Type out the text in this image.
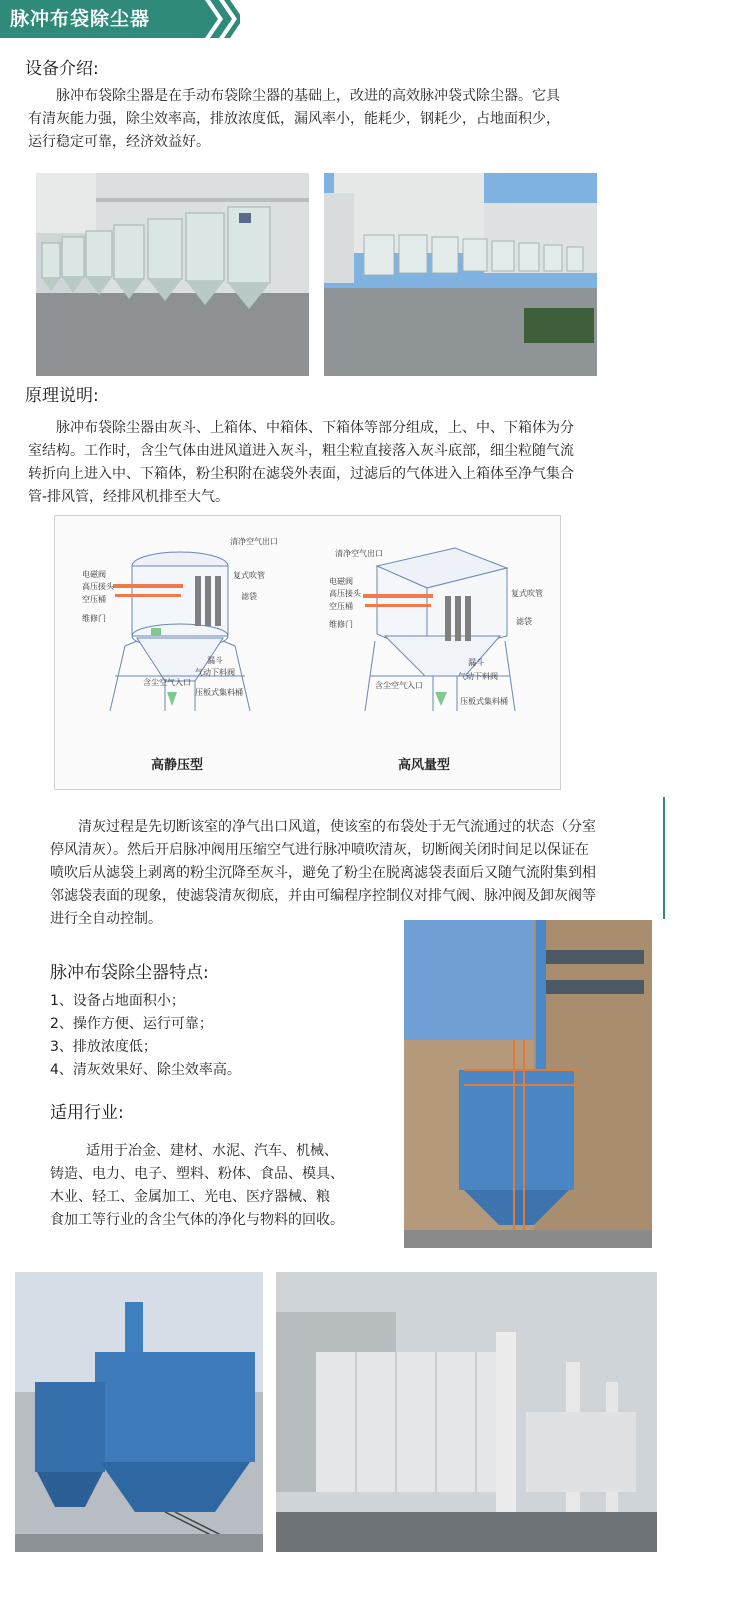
脉冲布袋除尘器
设备介绍:
脉冲布袋除尘器是在手动布袋除尘器的基础上，改进的高效脉冲袋式除尘器。它具
有清灰能力强，除尘效率高，排放浓度低，漏风率小，能耗少，钢耗少，占地面积少，
运行稳定可靠，经济效益好。
原理说明:
脉冲布袋除尘器由灰斗、上箱体、中箱体、下箱体等部分组成，上、中、下箱体为分
室结构。工作时，含尘气体由进风道进入灰斗，粗尘粒直接落入灰斗底部，细尘粒随气流
转折向上进入中、下箱体，粉尘积附在滤袋外表面，过滤后的气体进入上箱体至净气集合
管-排风管，经排风机排至大气。
清净空气出口
电磁阀
高压接头
空压桶
维修门
复式吹管
滤袋
漏斗
气动下料阀
含尘空气入口
压板式集料桶
清净空气出口
电磁阀
高压接头
空压桶
维修门
复式吹管
滤袋
漏斗
气动下料阀
含尘空气入口
压板式集料桶
高静压型	高风量型
清灰过程是先切断该室的净气出口风道，使该室的布袋处于无气流通过的状态（分室
停风清灰）。然后开启脉冲阀用压缩空气进行脉冲喷吹清灰，切断阀关闭时间足以保证在
喷吹后从滤袋上剥离的粉尘沉降至灰斗，避免了粉尘在脱离滤袋表面后又随气流附集到相
邻滤袋表面的现象，使滤袋清灰彻底，并由可编程序控制仪对排气阀、脉冲阀及卸灰阀等
进行全自动控制。
脉冲布袋除尘器特点:
1、设备占地面积小；
2、操作方便、运行可靠；
3、排放浓度低；
4、清灰效果好、除尘效率高。
适用行业:
适用于冶金、建材、水泥、汽车、机械、
铸造、电力、电子、塑料、粉体、食品、模具、
木业、轻工、金属加工、光电、医疗器械、粮
食加工等行业的含尘气体的净化与物料的回收。
